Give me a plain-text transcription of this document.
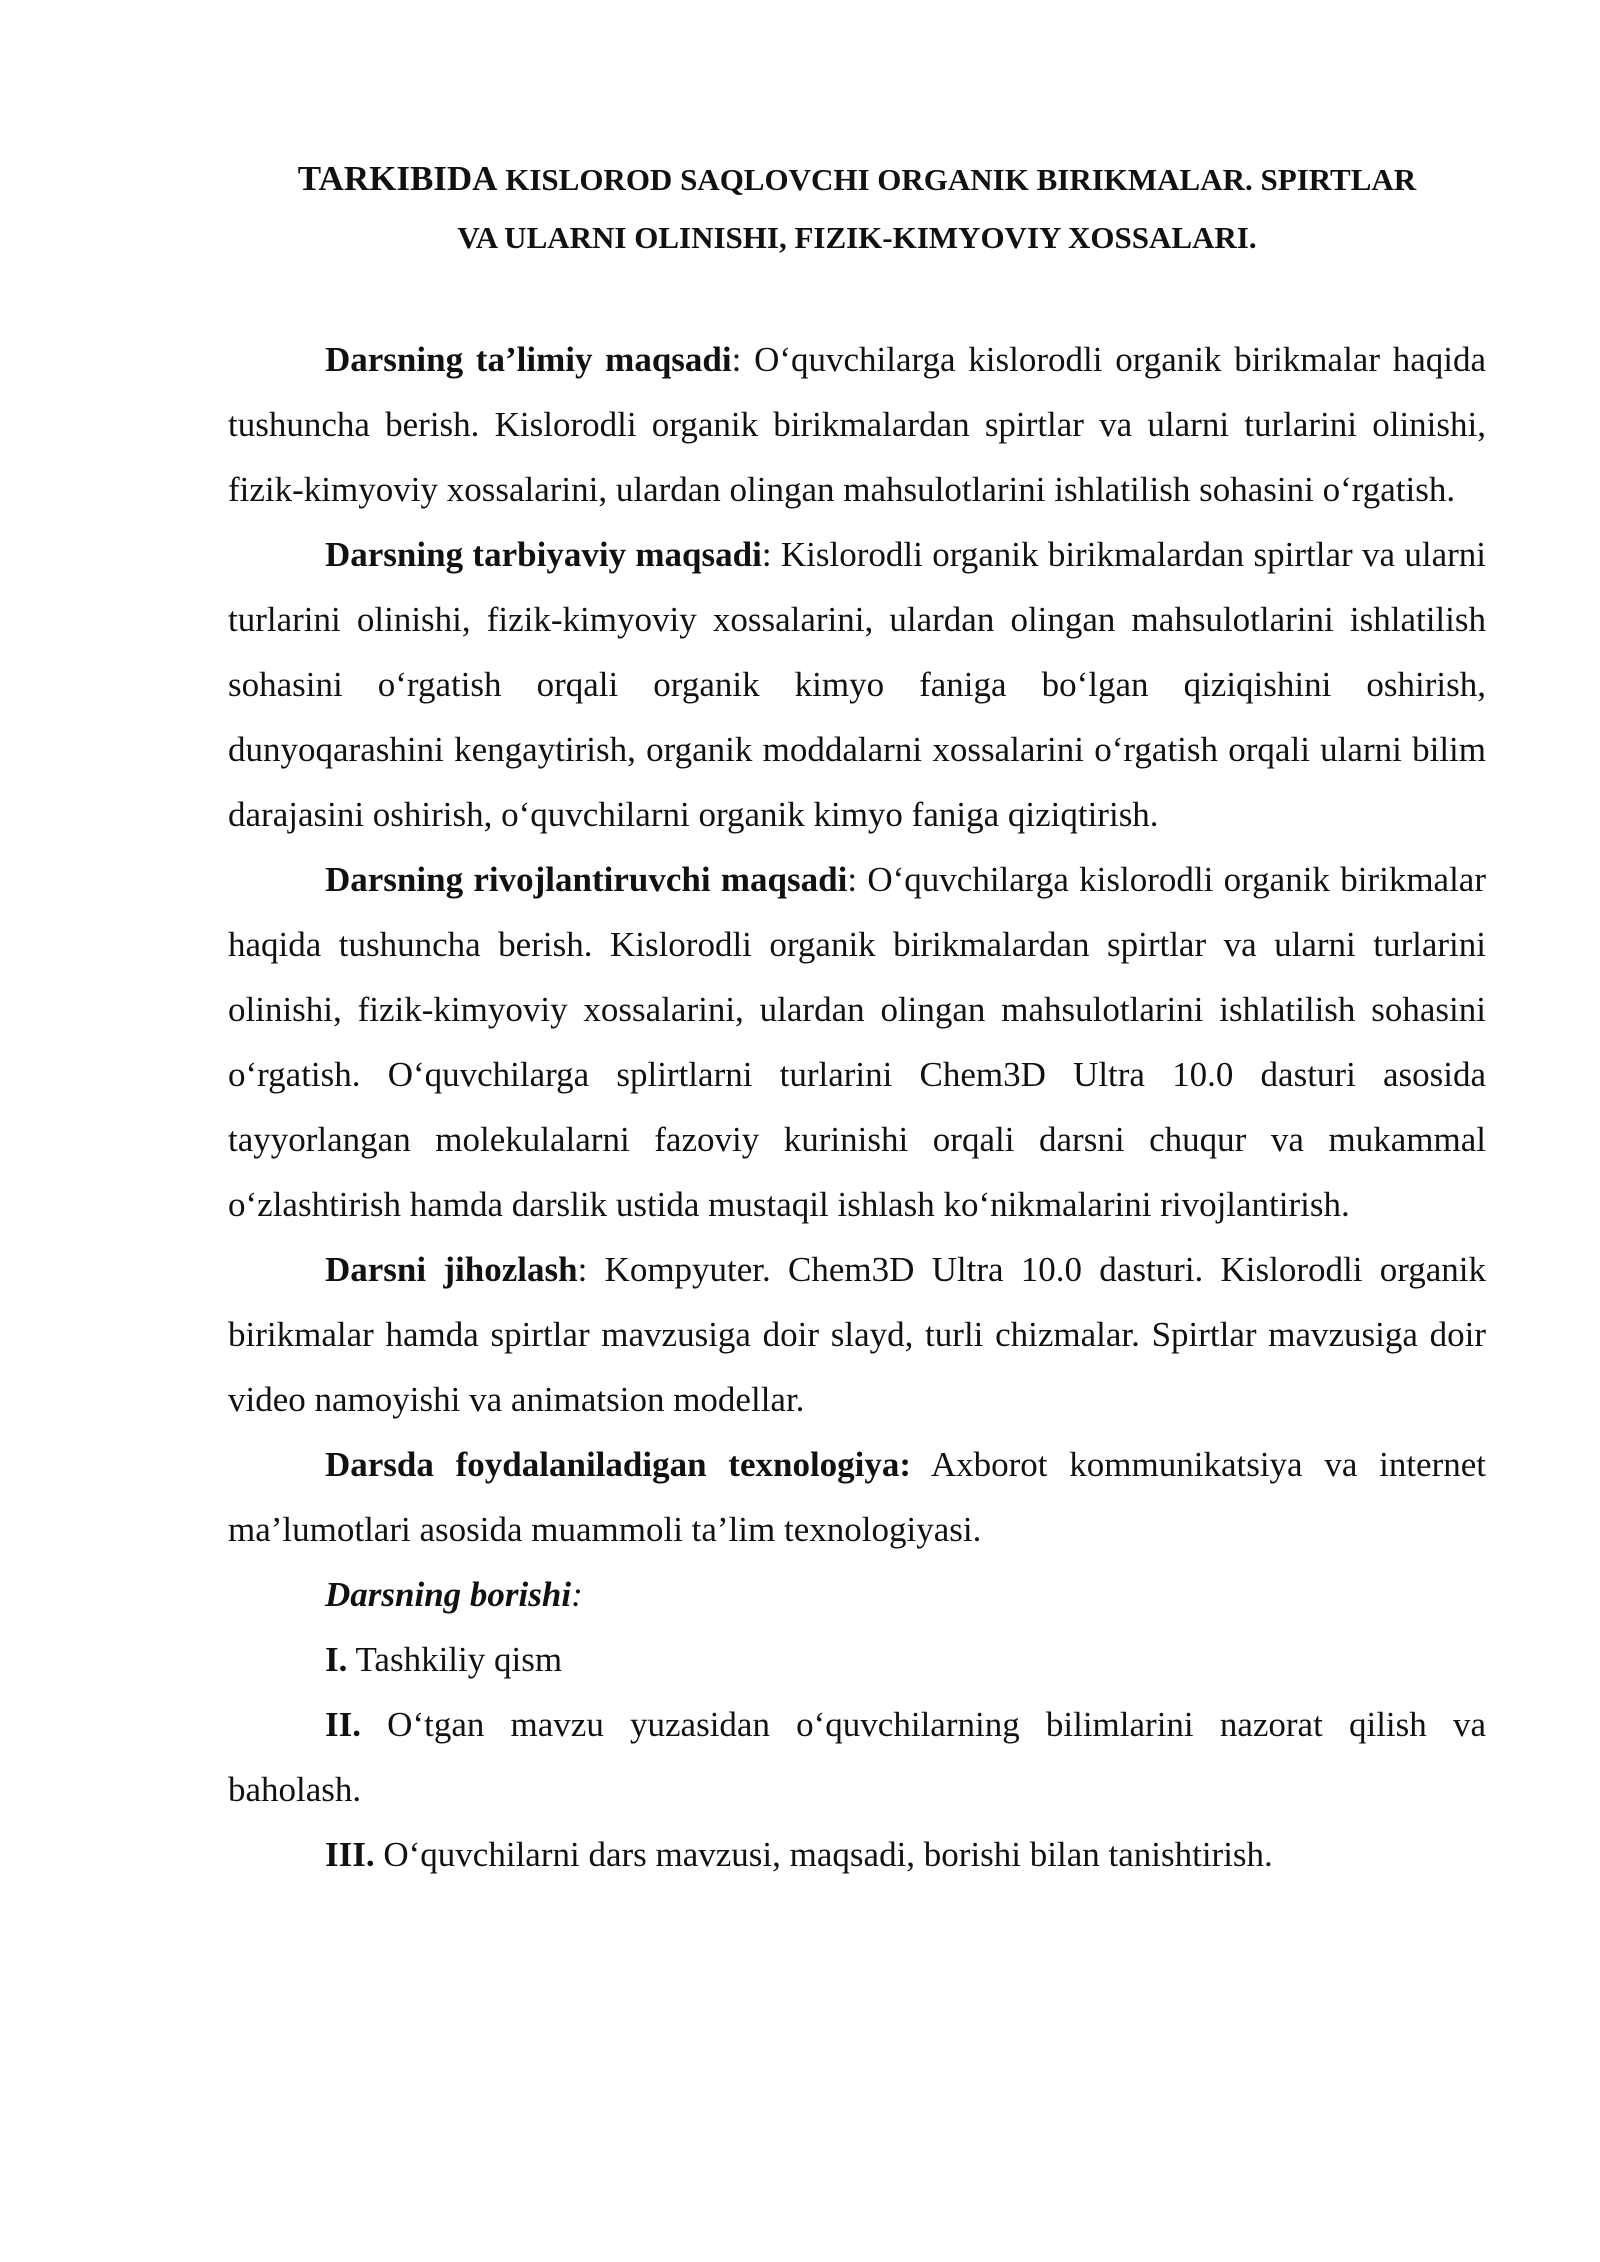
TARKIBIDA KISLOROD SAQLOVCHI ORGANIK BIRIKMALAR. SPIRTLAR
VA ULARNI OLINISHI, FIZIK-KIMYOVIY XOSSALARI.

Darsning ta’limiy maqsadi: O‘quvchilarga kislorodli organik birikmalar haqida tushuncha berish. Kislorodli organik birikmalardan spirtlar va ularni turlarini olinishi, fizik-kimyoviy xossalarini, ulardan olingan mahsulotlarini ishlatilish sohasini o‘rgatish.

Darsning tarbiyaviy maqsadi: Kislorodli organik birikmalardan spirtlar va ularni turlarini olinishi, fizik-kimyoviy xossalarini, ulardan olingan mahsulotlarini ishlatilish sohasini o‘rgatish orqali organik kimyo faniga bo‘lgan qiziqishini oshirish, dunyoqarashini kengaytirish, organik moddalarni xossalarini o‘rgatish orqali ularni bilim darajasini oshirish, o‘quvchilarni organik kimyo faniga qiziqtirish.

Darsning rivojlantiruvchi maqsadi: O‘quvchilarga kislorodli organik birikmalar haqida tushuncha berish. Kislorodli organik birikmalardan spirtlar va ularni turlarini olinishi, fizik-kimyoviy xossalarini, ulardan olingan mahsulotlarini ishlatilish sohasini o‘rgatish. O‘quvchilarga splirtlarni turlarini Chem3D Ultra 10.0 dasturi asosida tayyorlangan molekulalarni fazoviy kurinishi orqali darsni chuqur va mukammal o‘zlashtirish hamda darslik ustida mustaqil ishlash ko‘nikmalarini rivojlantirish.

Darsni jihozlash: Kompyuter. Chem3D Ultra 10.0 dasturi. Kislorodli organik birikmalar hamda spirtlar mavzusiga doir slayd, turli chizmalar. Spirtlar mavzusiga doir video namoyishi va animatsion modellar.

Darsda foydalaniladigan texnologiya: Axborot kommunikatsiya va internet ma’lumotlari asosida muammoli ta’lim texnologiyasi.

Darsning borishi:

I. Tashkiliy qism

II. O‘tgan mavzu yuzasidan o‘quvchilarning bilimlarini nazorat qilish va baholash.

III. O‘quvchilarni dars mavzusi, maqsadi, borishi bilan tanishtirish.
